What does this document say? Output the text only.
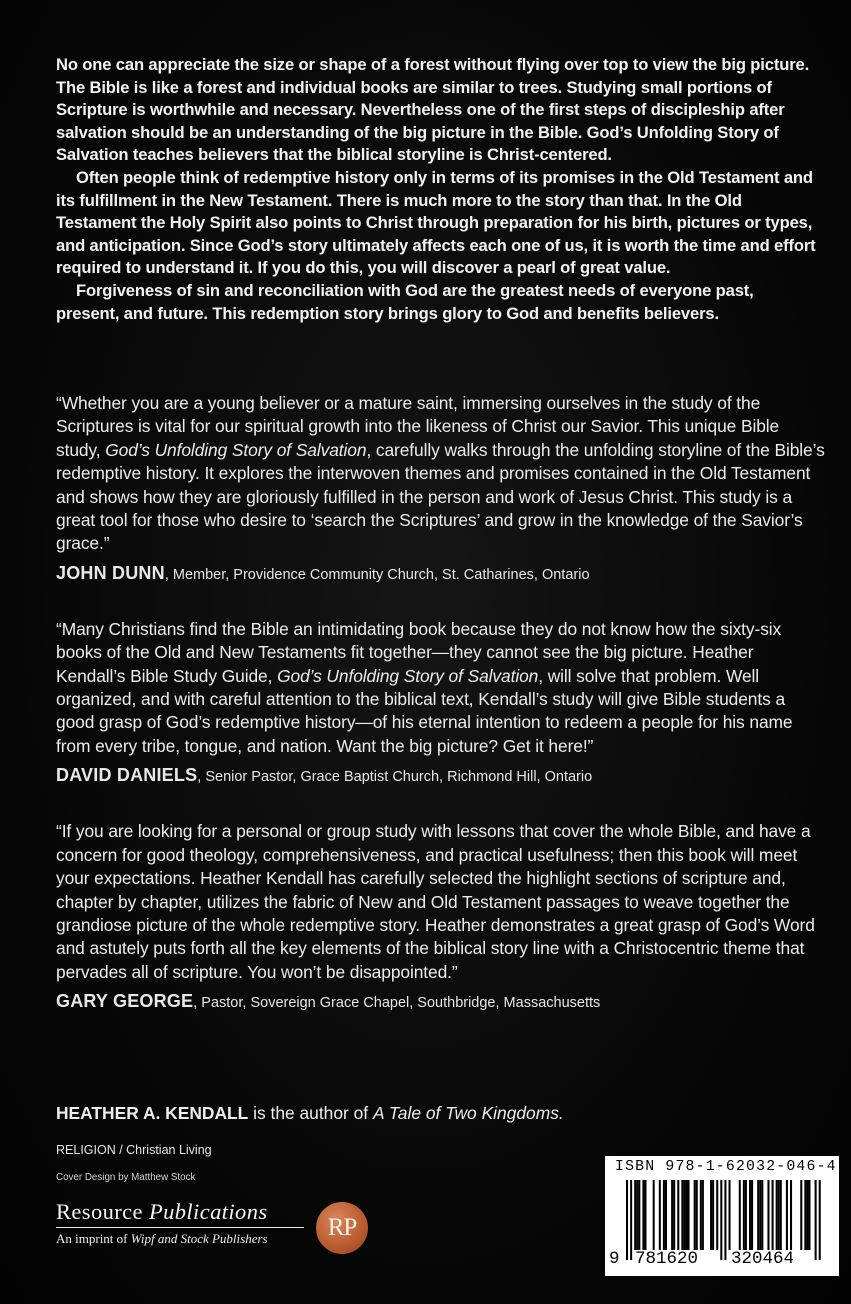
No one can appreciate the size or shape of a forest without flying over top to view the big picture. The Bible is like a forest and individual books are similar to trees. Studying small portions of Scripture is worthwhile and necessary. Nevertheless one of the first steps of discipleship after salvation should be an understanding of the big picture in the Bible. God’s Unfolding Story of Salvation teaches believers that the biblical storyline is Christ-centered.

Often people think of redemptive history only in terms of its promises in the Old Testament and its fulfillment in the New Testament. There is much more to the story than that. In the Old Testament the Holy Spirit also points to Christ through preparation for his birth, pictures or types, and anticipation. Since God’s story ultimately affects each one of us, it is worth the time and effort required to understand it. If you do this, you will discover a pearl of great value.

Forgiveness of sin and reconciliation with God are the greatest needs of everyone past, present, and future. This redemption story brings glory to God and benefits believers.

“Whether you are a young believer or a mature saint, immersing ourselves in the study of the Scriptures is vital for our spiritual growth into the likeness of Christ our Savior. This unique Bible study, God’s Unfolding Story of Salvation, carefully walks through the unfolding storyline of the Bible’s redemptive history. It explores the interwoven themes and promises contained in the Old Testament and shows how they are gloriously fulfilled in the person and work of Jesus Christ. This study is a great tool for those who desire to ‘search the Scriptures’ and grow in the knowledge of the Savior’s grace.”

JOHN DUNN, Member, Providence Community Church, St. Catharines, Ontario

“Many Christians find the Bible an intimidating book because they do not know how the sixty-six books of the Old and New Testaments fit together—they cannot see the big picture. Heather Kendall’s Bible Study Guide, God’s Unfolding Story of Salvation, will solve that problem. Well organized, and with careful attention to the biblical text, Kendall’s study will give Bible students a good grasp of God’s redemptive history—of his eternal intention to redeem a people for his name from every tribe, tongue, and nation. Want the big picture? Get it here!”

DAVID DANIELS, Senior Pastor, Grace Baptist Church, Richmond Hill, Ontario

“If you are looking for a personal or group study with lessons that cover the whole Bible, and have a concern for good theology, comprehensiveness, and practical usefulness; then this book will meet your expectations. Heather Kendall has carefully selected the highlight sections of scripture and, chapter by chapter, utilizes the fabric of New and Old Testament passages to weave together the grandiose picture of the whole redemptive story. Heather demonstrates a great grasp of God’s Word and astutely puts forth all the key elements of the biblical story line with a Christocentric theme that pervades all of scripture. You won’t be disappointed.”

GARY GEORGE, Pastor, Sovereign Grace Chapel, Southbridge, Massachusetts

HEATHER A. KENDALL is the author of A Tale of Two Kingdoms.
RELIGION / Christian Living
Cover Design by Matthew Stock
Resource Publications
An imprint of Wipf and Stock Publishers	RP
ISBN 978-1-62032-046-4
9 781620 320464
